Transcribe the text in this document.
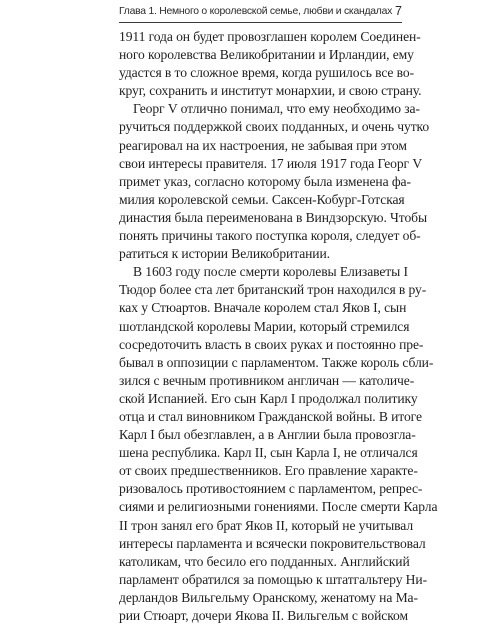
Глава 1. Немного о королевской семье, любви и скандалах 7
1911 года он будет провозглашен королем Соединен-
ного королевства Великобритании и Ирландии, ему
удастся в то сложное время, когда рушилось все во-
круг, сохранить и институт монархии, и свою страну.
Георг V отлично понимал, что ему необходимо за-
ручиться поддержкой своих подданных, и очень чутко
реагировал на их настроения, не забывая при этом
свои интересы правителя. 17 июля 1917 года Георг V
примет указ, согласно которому была изменена фа-
милия королевской семьи. Саксен-Кобург-Готская
династия была переименована в Виндзорскую. Чтобы
понять причины такого поступка короля, следует об-
ратиться к истории Великобритании.
В 1603 году после смерти королевы Елизаветы I
Тюдор более ста лет британский трон находился в ру-
ках у Стюартов. Вначале королем стал Яков I, сын
шотландской королевы Марии, который стремился
сосредоточить власть в своих руках и постоянно пре-
бывал в оппозиции с парламентом. Также король сбли-
зился с вечным противником англичан — католиче-
ской Испанией. Его сын Карл I продолжал политику
отца и стал виновником Гражданской войны. В итоге
Карл I был обезглавлен, а в Англии была провозгла-
шена республика. Карл II, сын Карла I, не отличался
от своих предшественников. Его правление характе-
ризовалось противостоянием с парламентом, репрес-
сиями и религиозными гонениями. После смерти Карла
II трон занял его брат Яков II, который не учитывал
интересы парламента и всячески покровительствовал
католикам, что бесило его подданных. Английский
парламент обратился за помощью к штатгальтеру Ни-
дерландов Вильгельму Оранскому, женатому на Ма-
рии Стюарт, дочери Якова II. Вильгельм с войском
